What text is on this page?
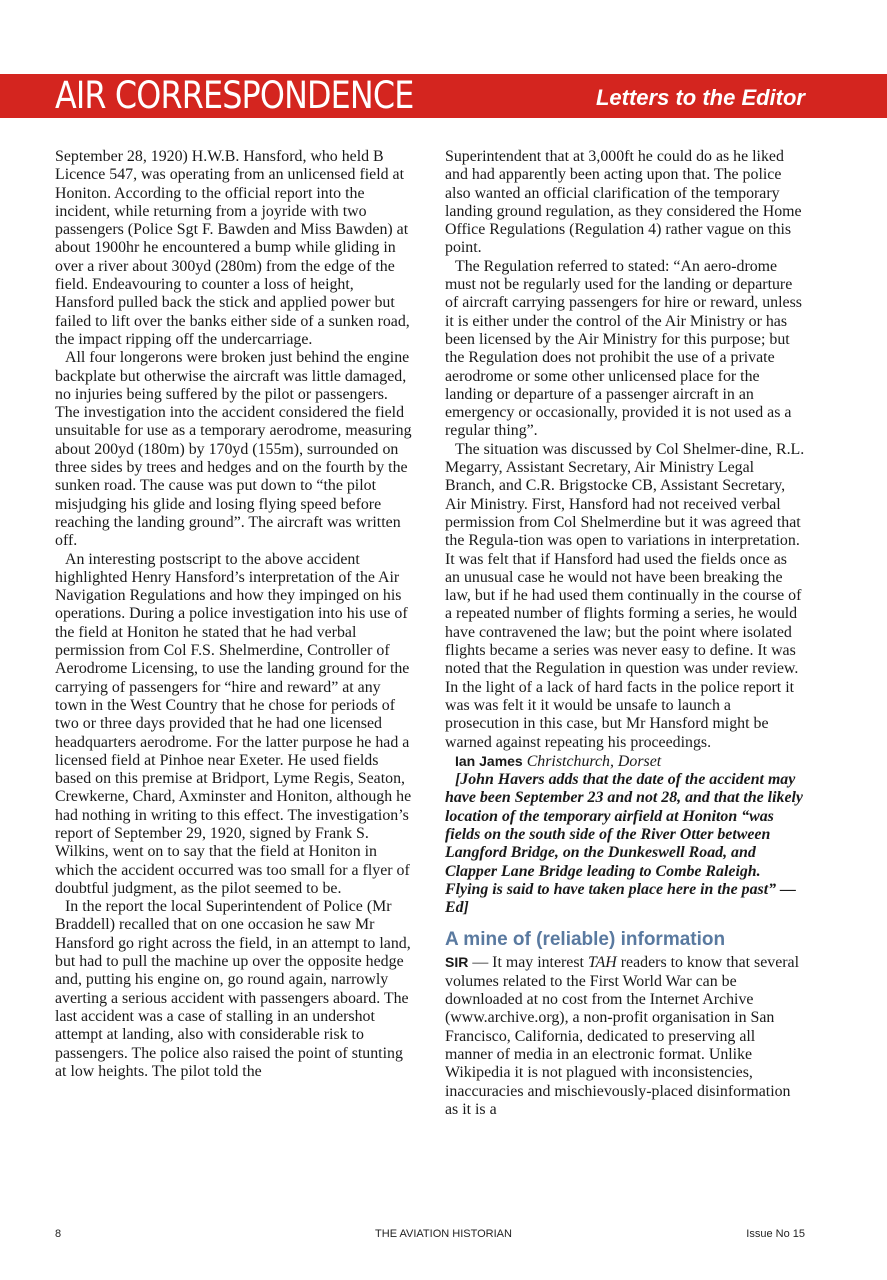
AIR CORRESPONDENCE	Letters to the Editor

September 28, 1920) H.W.B. Hansford, who held B Licence 547, was operating from an unlicensed field at Honiton. According to the official report into the incident, while returning from a joyride with two passengers (Police Sgt F. Bawden and Miss Bawden) at about 1900hr he encountered a bump while gliding in over a river about 300yd (280m) from the edge of the field. Endeavouring to counter a loss of height, Hansford pulled back the stick and applied power but failed to lift over the banks either side of a sunken road, the impact ripping off the undercarriage.

All four longerons were broken just behind the engine backplate but otherwise the aircraft was little damaged, no injuries being suffered by the pilot or passengers. The investigation into the accident considered the field unsuitable for use as a temporary aerodrome, measuring about 200yd (180m) by 170yd (155m), surrounded on three sides by trees and hedges and on the fourth by the sunken road. The cause was put down to “the pilot misjudging his glide and losing flying speed before reaching the landing ground”. The aircraft was written off.

An interesting postscript to the above accident highlighted Henry Hansford’s interpretation of the Air Navigation Regulations and how they impinged on his operations. During a police investigation into his use of the field at Honiton he stated that he had verbal permission from Col F.S. Shelmerdine, Controller of Aerodrome Licensing, to use the landing ground for the carrying of passengers for “hire and reward” at any town in the West Country that he chose for periods of two or three days provided that he had one licensed headquarters aerodrome. For the latter purpose he had a licensed field at Pinhoe near Exeter. He used fields based on this premise at Bridport, Lyme Regis, Seaton, Crewkerne, Chard, Axminster and Honiton, although he had nothing in writing to this effect. The investigation’s report of September 29, 1920, signed by Frank S. Wilkins, went on to say that the field at Honiton in which the accident occurred was too small for a flyer of doubtful judgment, as the pilot seemed to be.

In the report the local Superintendent of Police (Mr Braddell) recalled that on one occasion he saw Mr Hansford go right across the field, in an attempt to land, but had to pull the machine up over the opposite hedge and, putting his engine on, go round again, narrowly averting a serious accident with passengers aboard. The last accident was a case of stalling in an undershot attempt at landing, also with considerable risk to passengers. The police also raised the point of stunting at low heights. The pilot told the

Superintendent that at 3,000ft he could do as he liked and had apparently been acting upon that. The police also wanted an official clarification of the temporary landing ground regulation, as they considered the Home Office Regulations (Regulation 4) rather vague on this point.

The Regulation referred to stated: “An aero-drome must not be regularly used for the landing or departure of aircraft carrying passengers for hire or reward, unless it is either under the control of the Air Ministry or has been licensed by the Air Ministry for this purpose; but the Regulation does not prohibit the use of a private aerodrome or some other unlicensed place for the landing or departure of a passenger aircraft in an emergency or occasionally, provided it is not used as a regular thing”.

The situation was discussed by Col Shelmer-dine, R.L. Megarry, Assistant Secretary, Air Ministry Legal Branch, and C.R. Brigstocke CB, Assistant Secretary, Air Ministry. First, Hansford had not received verbal permission from Col Shelmerdine but it was agreed that the Regula-tion was open to variations in interpretation. It was felt that if Hansford had used the fields once as an unusual case he would not have been breaking the law, but if he had used them continually in the course of a repeated number of flights forming a series, he would have contravened the law; but the point where isolated flights became a series was never easy to define. It was noted that the Regulation in question was under review. In the light of a lack of hard facts in the police report it was was felt it it would be unsafe to launch a prosecution in this case, but Mr Hansford might be warned against repeating his proceedings.

Ian James Christchurch, Dorset

[John Havers adds that the date of the accident may have been September 23 and not 28, and that the likely location of the temporary airfield at Honiton “was fields on the south side of the River Otter between Langford Bridge, on the Dunkeswell Road, and Clapper Lane Bridge leading to Combe Raleigh. Flying is said to have taken place here in the past” — Ed]

A mine of (reliable) information

SIR — It may interest TAH readers to know that several volumes related to the First World War can be downloaded at no cost from the Internet Archive (www.archive.org), a non-profit organisation in San Francisco, California, dedicated to preserving all manner of media in an electronic format. Unlike Wikipedia it is not plagued with inconsistencies, inaccuracies and mischievously-placed disinformation as it is a

8	THE AVIATION HISTORIAN	Issue No 15
